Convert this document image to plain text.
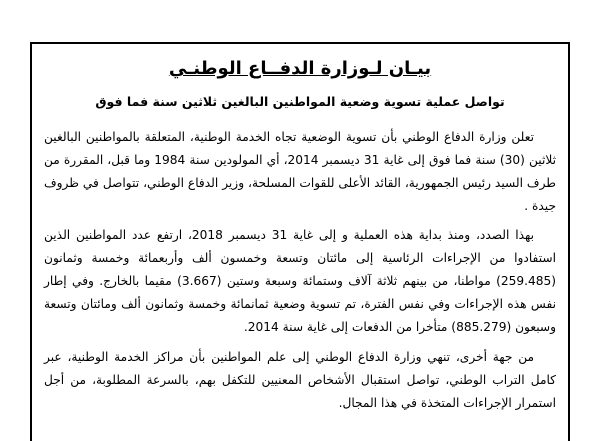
بيـان لـوزارة الدفــاع الوطنـي
تواصل عملية تسوية وضعية المواطنين البالغين ثلاثين سنة فما فوق
تعلن وزارة الدفاع الوطني بأن تسوية الوضعية تجاه الخدمة الوطنية، المتعلقة بالمواطنين البالغين ثلاثين (30) سنة فما فوق إلى غاية 31 ديسمبر 2014، أي المولودين سنة 1984 وما قبل، المقررة من طرف السيد رئيس الجمهورية، القائد الأعلى للقوات المسلحة، وزير الدفاع الوطني، تتواصل في ظروف جيدة .
بهذا الصدد، ومنذ بداية هذه العملية و إلى غاية 31 ديسمبر 2018، ارتفع عدد المواطنين الذين استفادوا من الإجراءات الرئاسية إلى مائتان وتسعة وخمسون ألف وأربعمائة وخمسة وثمانون (259.485) مواطنا، من بينهم ثلاثة آلاف وستمائة وسبعة وستين (3.667) مقيما بالخارج. وفي إطار نفس هذه الإجراءات وفي نفس الفترة، تم تسوية وضعية ثمانمائة وخمسة وثمانون ألف ومائتان وتسعة وسبعون (885.279) متأخرا من الدفعات إلى غاية سنة 2014.
من جهة أخرى، تنهي وزارة الدفاع الوطني إلى علم المواطنين بأن مراكز الخدمة الوطنية، عبر كامل التراب الوطني، تواصل استقبال الأشخاص المعنيين للتكفل بهم، بالسرعة المطلوبة، من أجل استمرار الإجراءات المتخذة في هذا المجال.
